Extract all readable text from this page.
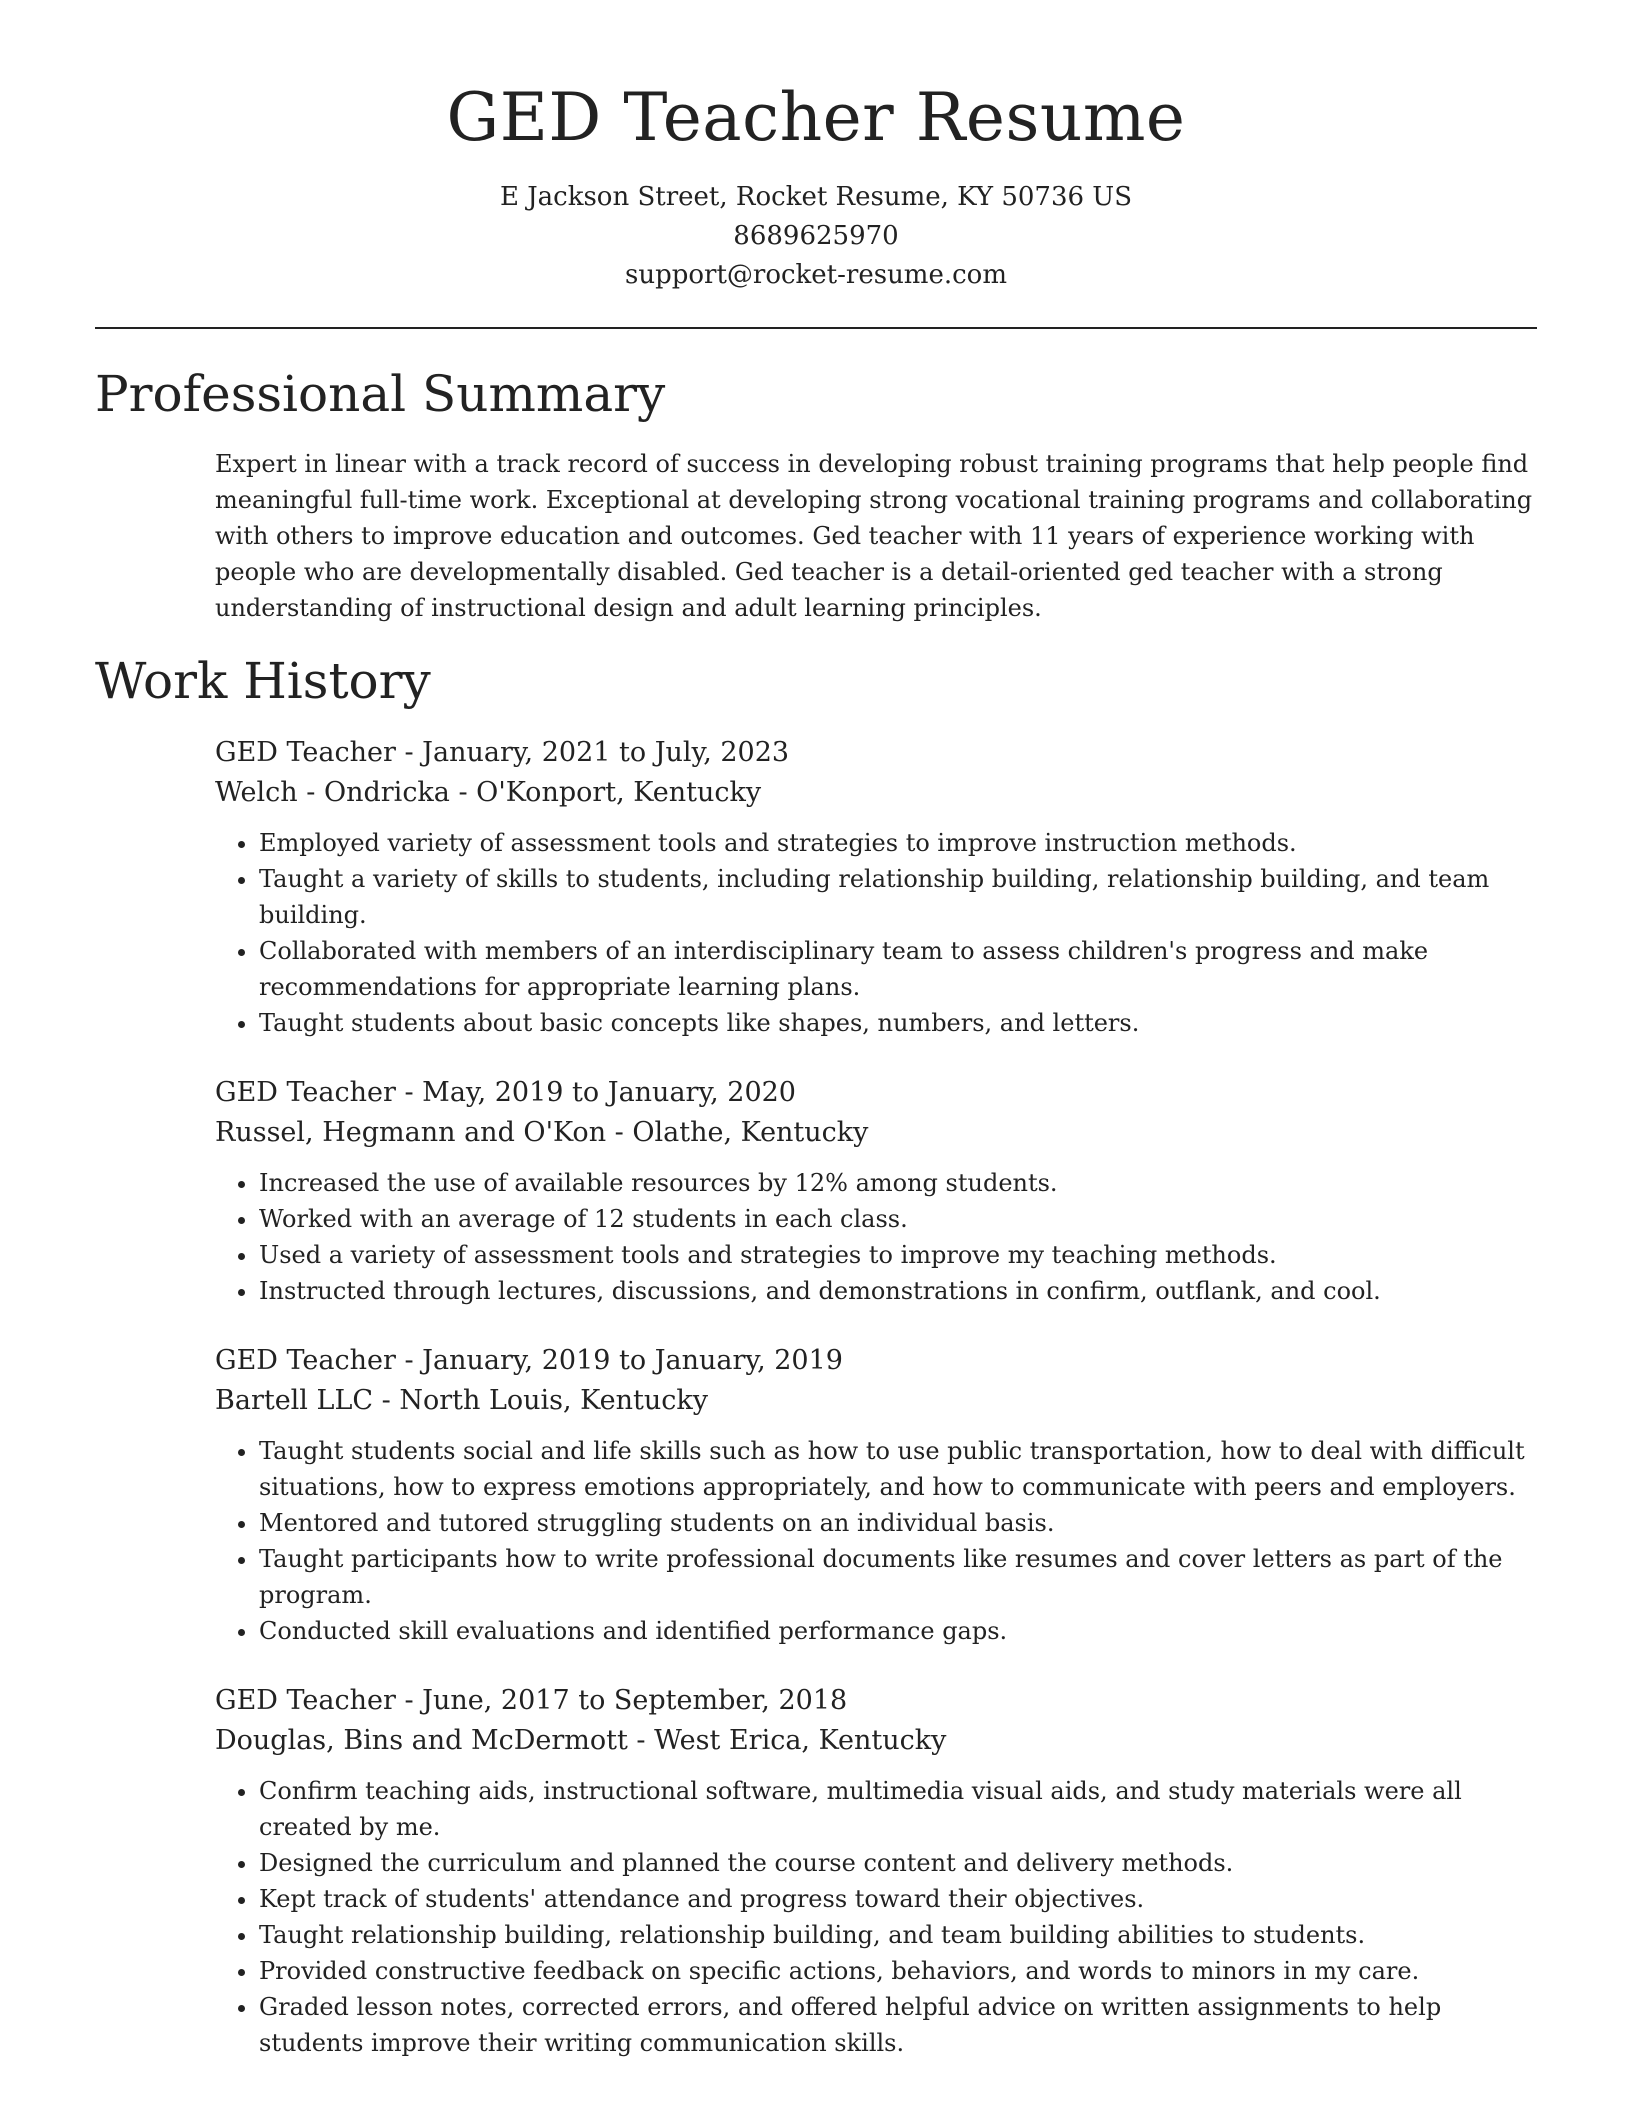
GED Teacher Resume

E Jackson Street, Rocket Resume, KY 50736 US

8689625970

support@rocket-resume.com

Professional Summary

Expert in linear with a track record of success in developing robust training programs that help people find meaningful full-time work. Exceptional at developing strong vocational training programs and collaborating with others to improve education and outcomes. Ged teacher with 11 years of experience working with people who are developmentally disabled. Ged teacher is a detail-oriented ged teacher with a strong understanding of instructional design and adult learning principles.

Work History

GED Teacher - January, 2021 to July, 2023

Welch - Ondricka - O'Konport, Kentucky

• Employed variety of assessment tools and strategies to improve instruction methods.
• Taught a variety of skills to students, including relationship building, relationship building, and team building.
• Collaborated with members of an interdisciplinary team to assess children's progress and make recommendations for appropriate learning plans.
• Taught students about basic concepts like shapes, numbers, and letters.

GED Teacher - May, 2019 to January, 2020

Russel, Hegmann and O'Kon - Olathe, Kentucky

• Increased the use of available resources by 12% among students.
• Worked with an average of 12 students in each class.
• Used a variety of assessment tools and strategies to improve my teaching methods.
• Instructed through lectures, discussions, and demonstrations in confirm, outflank, and cool.

GED Teacher - January, 2019 to January, 2019

Bartell LLC - North Louis, Kentucky

• Taught students social and life skills such as how to use public transportation, how to deal with difficult situations, how to express emotions appropriately, and how to communicate with peers and employers.
• Mentored and tutored struggling students on an individual basis.
• Taught participants how to write professional documents like resumes and cover letters as part of the program.
• Conducted skill evaluations and identified performance gaps.

GED Teacher - June, 2017 to September, 2018

Douglas, Bins and McDermott - West Erica, Kentucky

• Confirm teaching aids, instructional software, multimedia visual aids, and study materials were all created by me.
• Designed the curriculum and planned the course content and delivery methods.
• Kept track of students' attendance and progress toward their objectives.
• Taught relationship building, relationship building, and team building abilities to students.
• Provided constructive feedback on specific actions, behaviors, and words to minors in my care.
• Graded lesson notes, corrected errors, and offered helpful advice on written assignments to help students improve their writing communication skills.
